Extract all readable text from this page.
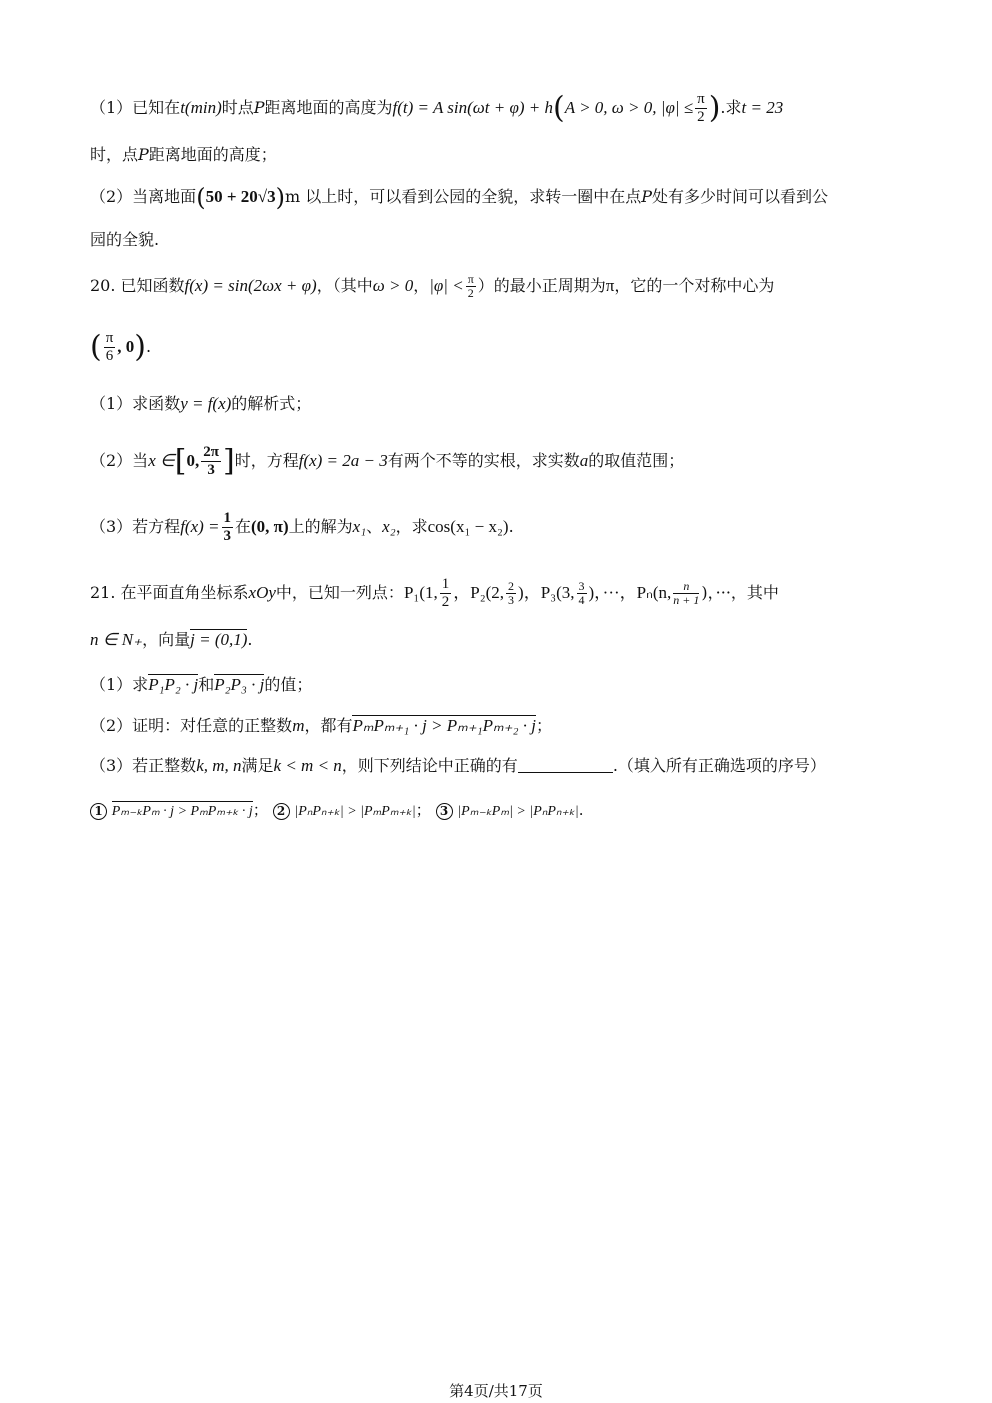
（1）已知在t(min)时点P距离地面的高度为f(t) = A sin(ωt + φ) + h(A > 0, ω > 0, $|\varphi| \le \frac{\pi}{2}$ ).求t = 23
时，点P距离地面的高度；
（2）当离地面(50 + 20√3)m 以上时，可以看到公园的全貌，求转一圈中在点P处有多少时间可以看到公
园的全貌.
20. 已知函数f(x) = sin(2ωx + φ)，（其中ω > 0，$|\varphi| < \frac{\pi}{2}$ ）的最小正周期为π，它的一个对称中心为
( $\frac{\pi}{6}$ , 0).
（1）求函数y = f(x)的解析式；
（2）当x ∈[0, $\frac{2\pi}{3}$ ]时，方程f(x) = 2a − 3有两个不等的实根，求实数a的取值范围；
（3）若方程$f(x) = \frac{1}{3}$ 在(0, π)上的解为x₁、x₂，求cos(x₁ − x₂).
21. 在平面直角坐标系xOy中，已知一列点：P₁(1, $\frac{1}{2}$ ，P₂(2, $\frac{2}{3}$ )，P₃(3, $\frac{3}{4}$ )，···，Pₙ(n, $\frac{n}{n + 1}$ )，···，其中
n ∈ N₊，向量j = (0,1).
（1）求P₁P₂ · j和P₂P₃ · j的值；
（2）证明：对任意的正整数m，都有PₘPₘ₊₁ · j > Pₘ₊₁Pₘ₊₂ · j；
（3）若正整数k, m, n满足k < m < n，则下列结论中正确的有	.（填入所有正确选项的序号）
1 Pₘ₋ₖPₘ · j > PₘPₘ₊ₖ · j； 2 |PₙPₙ₊ₖ| > |PₘPₘ₊ₖ|； 3 |Pₘ₋ₖPₘ| > |PₙPₙ₊ₖ|.
第4页/共17页
